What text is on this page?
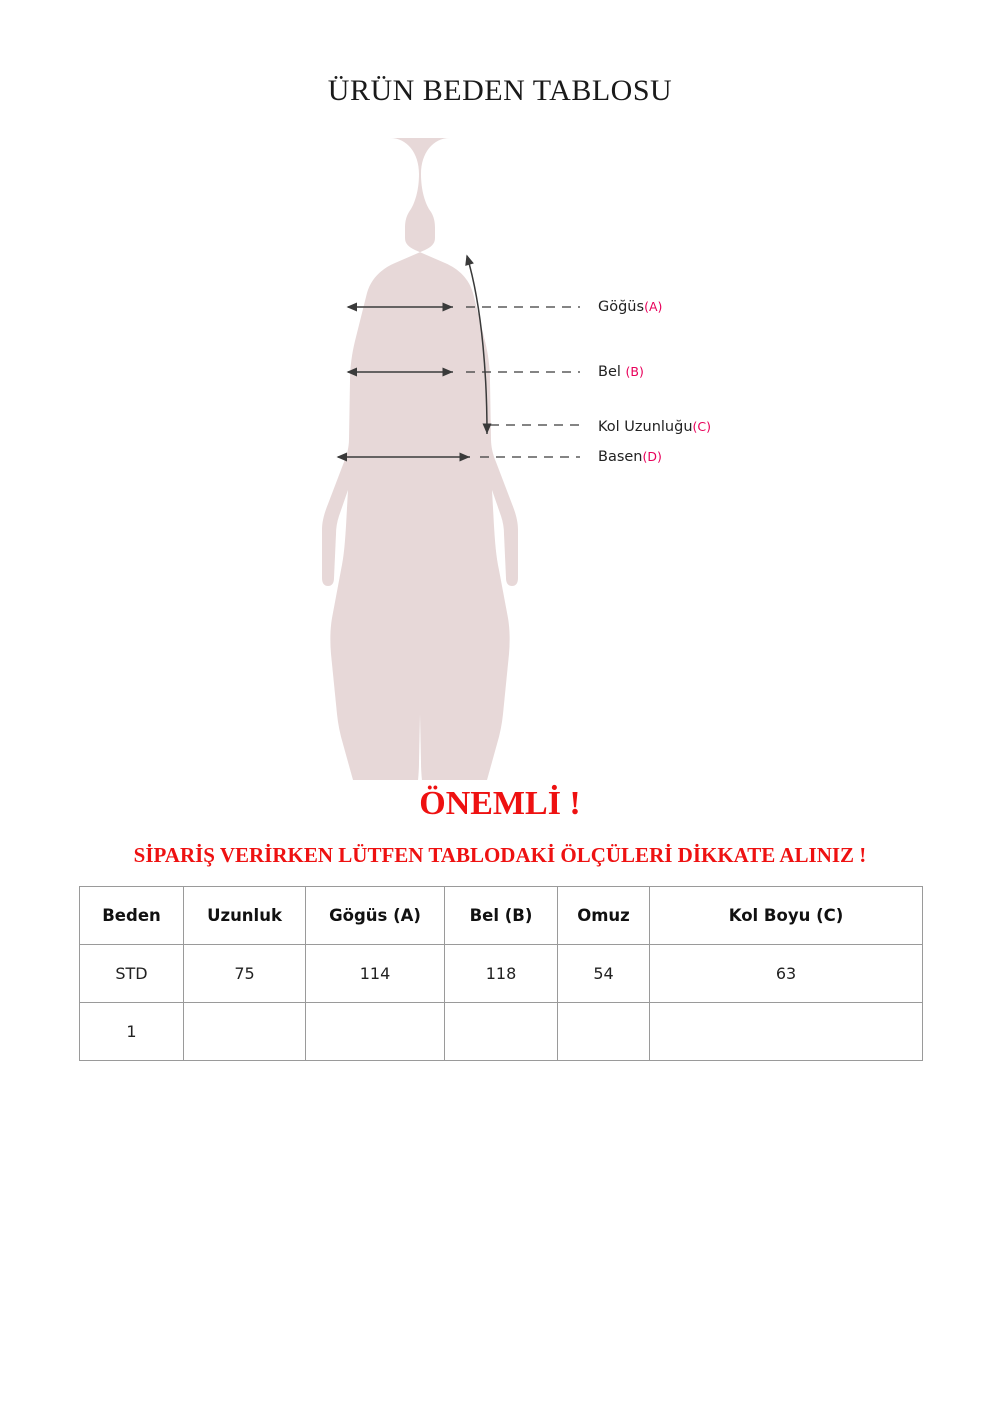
ÜRÜN BEDEN TABLOSU
Göğüs(A)
Bel (B)
Kol Uzunluğu(C)
Basen(D)
ÖNEMLİ !
SİPARİŞ VERİRKEN LÜTFEN TABLODAKİ ÖLÇÜLERİ DİKKATE ALINIZ !
Beden	Uzunluk	Gögüs (A)	Bel (B)	Omuz	Kol Boyu (C)
STD	75	114	118	54	63
1					
